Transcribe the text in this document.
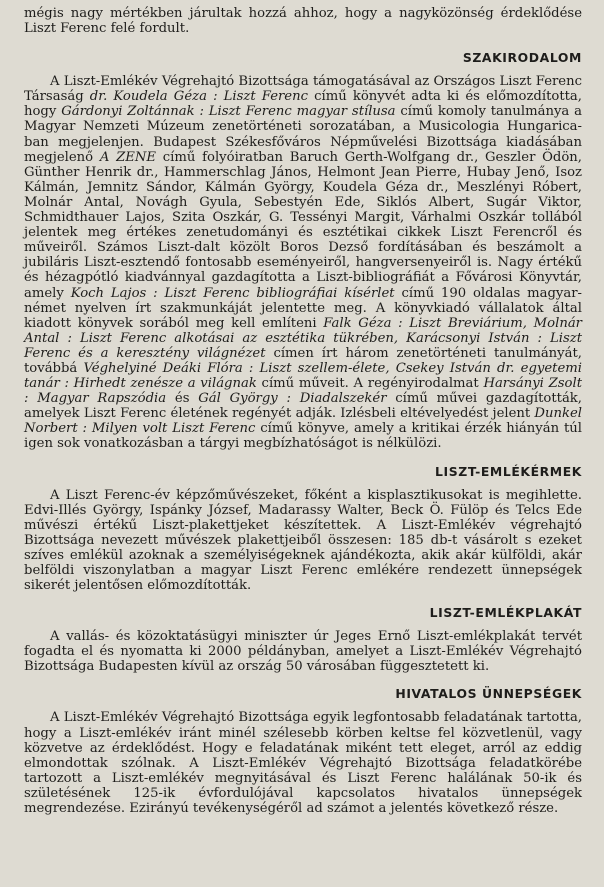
mégis nagy mértékben járultak hozzá ahhoz, hogy a nagyközönség érdeklődése Liszt Ferenc felé fordult.

SZAKIRODALOM

A Liszt-Emlékév Végrehajtó Bizottsága támogatásával az Országos Liszt Ferenc Társaság dr. Koudela Géza : Liszt Ferenc című könyvét adta ki és előmozdította, hogy Gárdonyi Zoltánnak : Liszt Ferenc magyar stílusa című komoly tanulmánya a Magyar Nemzeti Múzeum zenetörténeti sorozatában, a Musicologia Hungarica-ban megjelenjen. Budapest Székesfőváros Népművelési Bizottsága kiadásában megjelenő A ZENE című folyóiratban Baruch Gerth-Wolfgang dr., Geszler Ödön, Günther Henrik dr., Hammerschlag János, Helmont Jean Pierre, Hubay Jenő, Isoz Kálmán, Jemnitz Sándor, Kálmán György, Koudela Géza dr., Meszlényi Róbert, Molnár Antal, Novágh Gyula, Sebestyén Ede, Siklós Albert, Sugár Viktor, Schmidthauer Lajos, Szita Oszkár, G. Tessényi Margit, Várhalmi Oszkár tollából jelentek meg értékes zenetudományi és esztétikai cikkek Liszt Ferencről és műveiről. Számos Liszt-dalt közölt Boros Dezső fordításában és beszámolt a jubiláris Liszt-esztendő fontosabb eseményeiről, hangversenyeiről is. Nagy értékű és hézagpótló kiadvánnyal gazdagította a Liszt-bibliográfiát a Fővárosi Könyvtár, amely Koch Lajos : Liszt Ferenc bibliográfiai kísérlet című 190 oldalas magyar-német nyelven írt szakmunkáját jelentette meg. A könyvkiadó vállalatok által kiadott könyvek sorából meg kell említeni Falk Géza : Liszt Breviárium, Molnár Antal : Liszt Ferenc alkotásai az esztétika tükrében, Karácsonyi István : Liszt Ferenc és a keresztény világnézet címen írt három zenetörténeti tanulmányát, továbbá Véghelyiné Deáki Flóra : Liszt szellem-élete, Csekey István dr. egyetemi tanár : Hirhedt zenésze a világnak című műveit. A regényirodalmat Harsányi Zsolt : Magyar Rapszódia és Gál György : Diadalszekér című művei gazdagították, amelyek Liszt Ferenc életének regényét adják. Izlésbeli eltévelyedést jelent Dunkel Norbert : Milyen volt Liszt Ferenc című könyve, amely a kritikai érzék hiányán túl igen sok vonatkozásban a tárgyi megbízhatóságot is nélkülözi.

LISZT-EMLÉKÉRMEK

A Liszt Ferenc-év képzőművészeket, főként a kisplasztikusokat is megihlette. Edvi-Illés György, Ispánky József, Madarassy Walter, Beck Ö. Fülöp és Telcs Ede művészi értékű Liszt-plakettjeket készítettek. A Liszt-Emlékév végrehajtó Bizottsága nevezett művészek plakettjeiből összesen: 185 db-t vásárolt s ezeket szíves emlékül azoknak a személyiségeknek ajándékozta, akik akár külföldi, akár belföldi viszonylatban a magyar Liszt Ferenc emlékére rendezett ünnepségek sikerét jelentősen előmozdították.

LISZT-EMLÉKPLAKÁT

A vallás- és közoktatásügyi miniszter úr Jeges Ernő Liszt-emlékplakát tervét fogadta el és nyomatta ki 2000 példányban, amelyet a Liszt-Emlékév Végrehajtó Bizottsága Budapesten kívül az ország 50 városában függesztetett ki.

HIVATALOS ÜNNEPSÉGEK

A Liszt-Emlékév Végrehajtó Bizottsága egyik legfontosabb feladatának tartotta, hogy a Liszt-emlékév iránt minél szélesebb körben keltse fel közvetlenül, vagy közvetve az érdeklődést. Hogy e feladatának miként tett eleget, arról az eddig elmondottak szólnak. A Liszt-Emlékév Végrehajtó Bizottsága feladatkörébe tartozott a Liszt-emlékév megnyitásával és Liszt Ferenc halálának 50-ik és születésének 125-ik évfordulójával kapcsolatos hivatalos ünnepségek megrendezése. Ezirányú tevékenységéről ad számot a jelentés következő része.
